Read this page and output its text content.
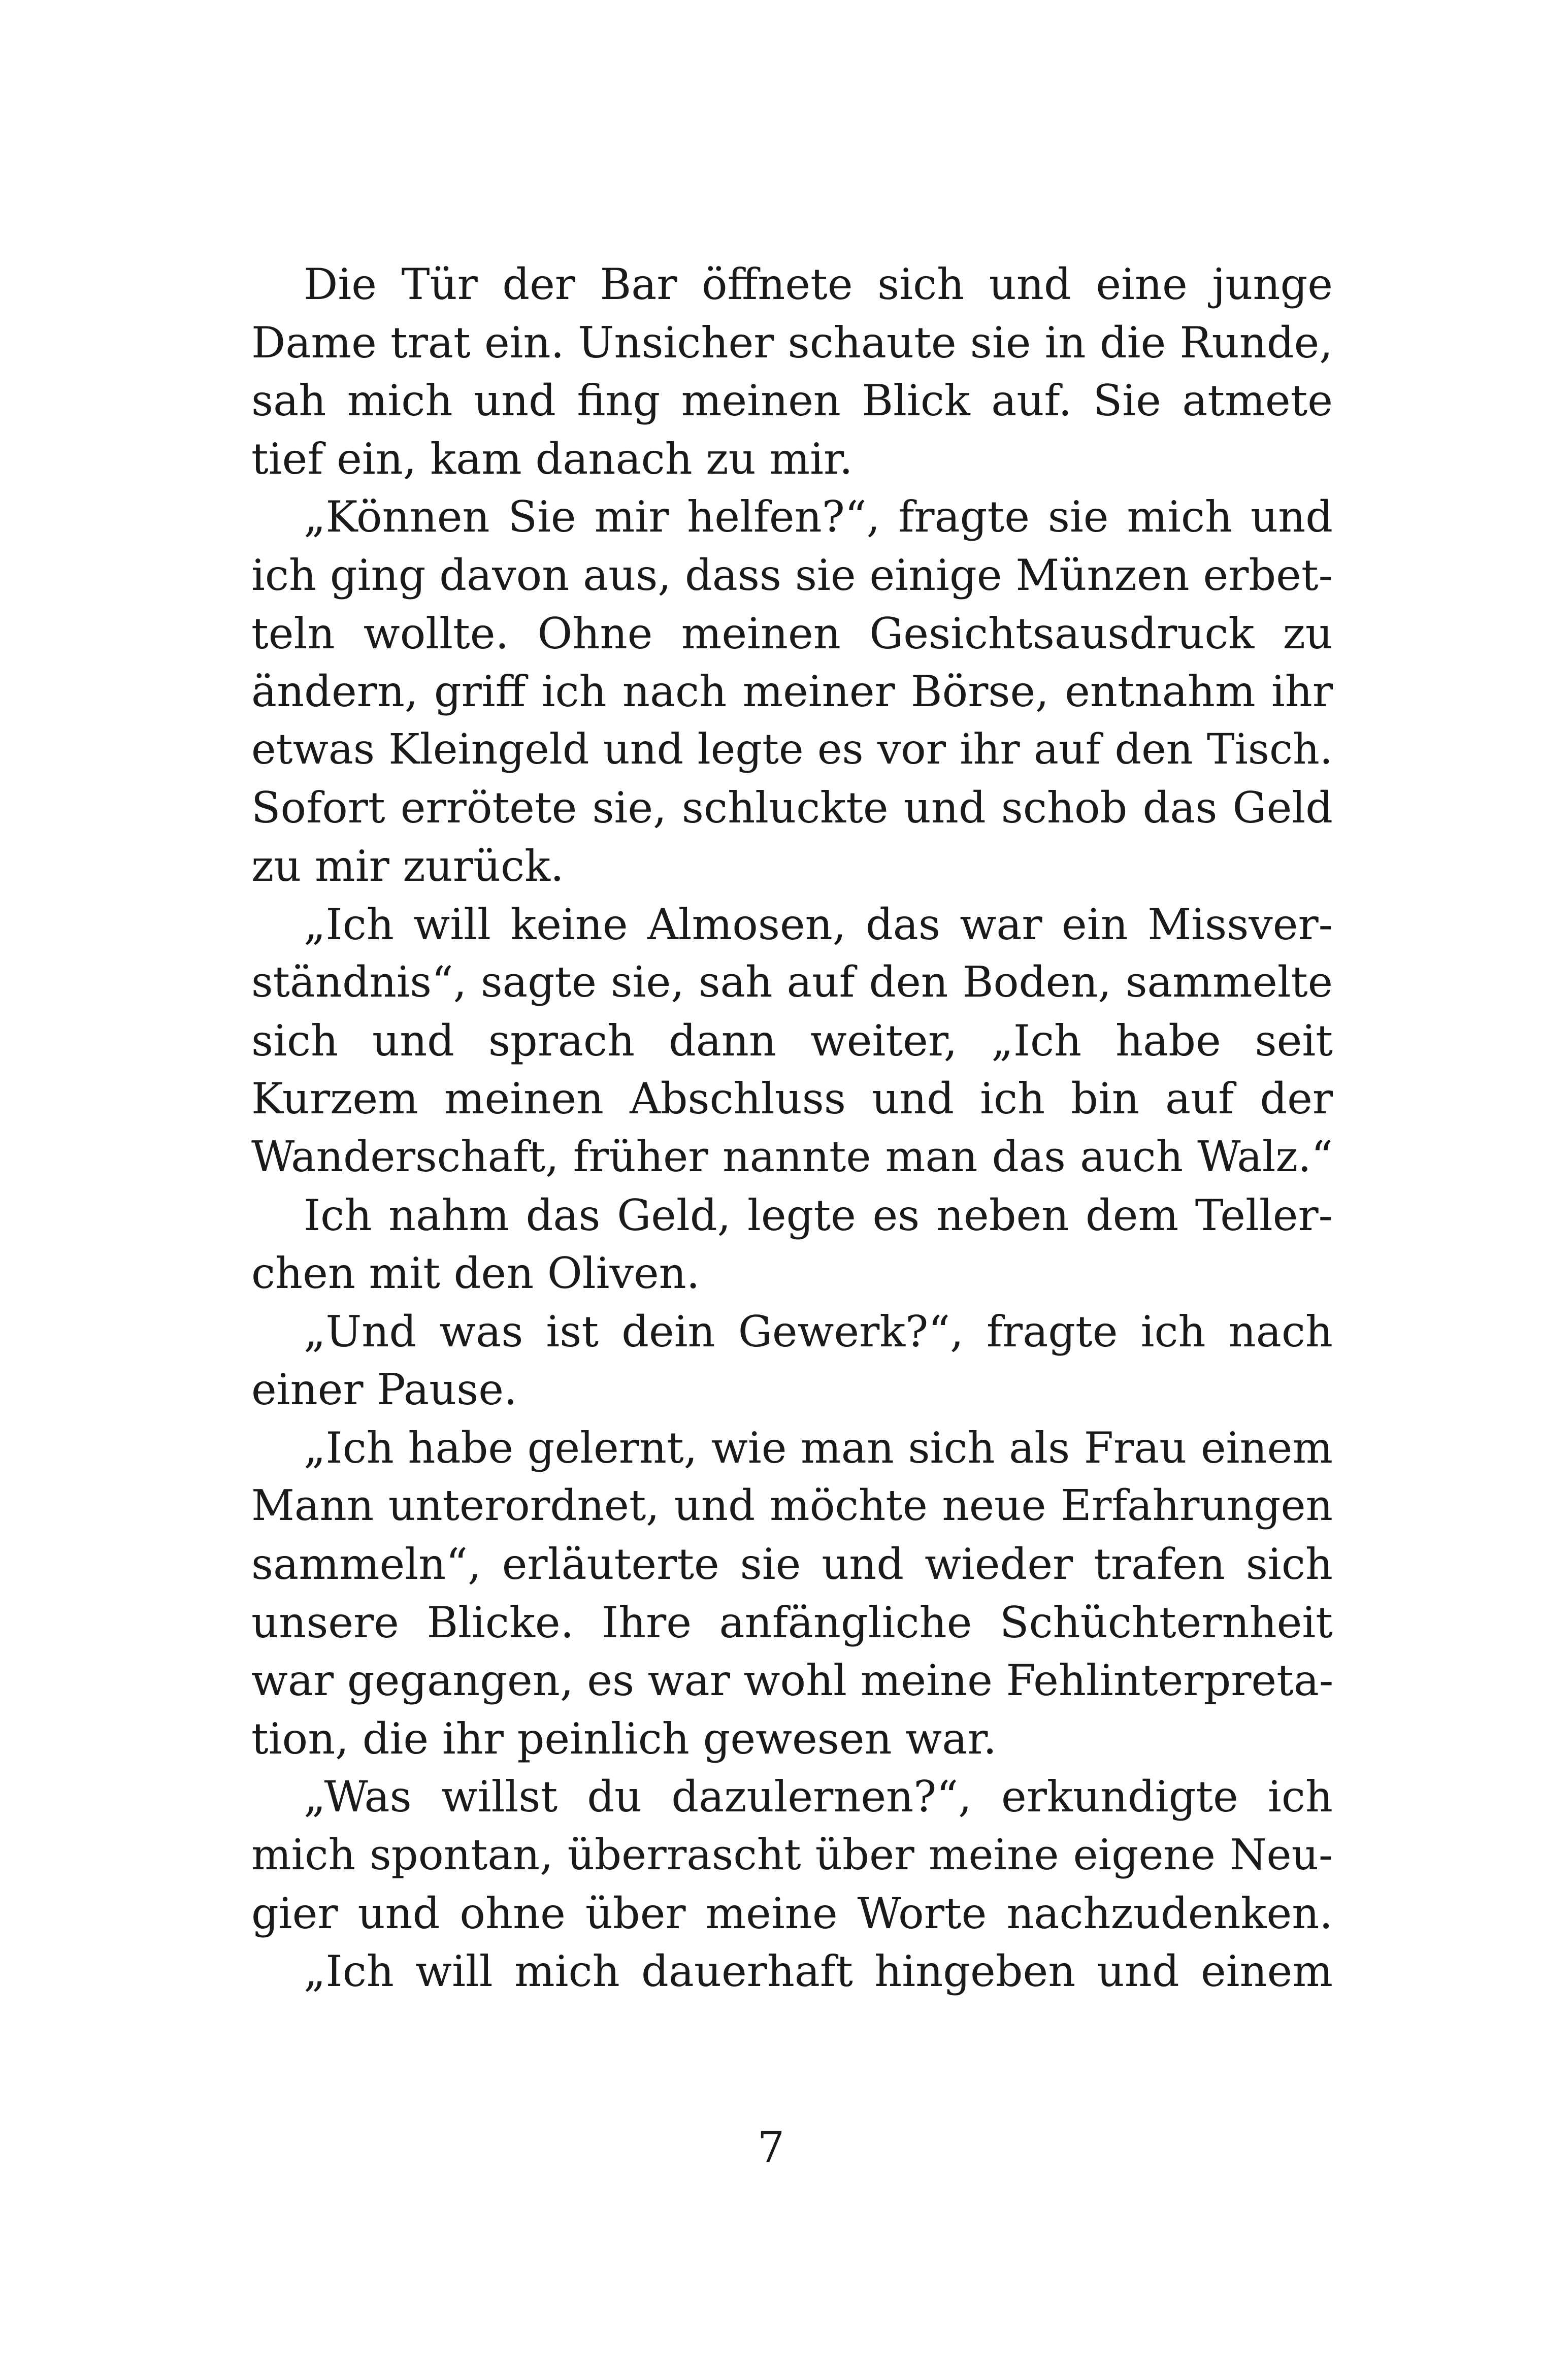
Die Tür der Bar öffnete sich und eine junge
Dame trat ein. Unsicher schaute sie in die Runde,
sah mich und fing meinen Blick auf. Sie atmete
tief ein, kam danach zu mir.
„Können Sie mir helfen?“, fragte sie mich und
ich ging davon aus, dass sie einige Münzen erbet-
teln wollte. Ohne meinen Gesichtsausdruck zu
ändern, griff ich nach meiner Börse, entnahm ihr
etwas Kleingeld und legte es vor ihr auf den Tisch.
Sofort errötete sie, schluckte und schob das Geld
zu mir zurück.
„Ich will keine Almosen, das war ein Missver-
ständnis“, sagte sie, sah auf den Boden, sammelte
sich und sprach dann weiter, „Ich habe seit
Kurzem meinen Abschluss und ich bin auf der
Wanderschaft, früher nannte man das auch Walz.“
Ich nahm das Geld, legte es neben dem Teller-
chen mit den Oliven.
„Und was ist dein Gewerk?“, fragte ich nach
einer Pause.
„Ich habe gelernt, wie man sich als Frau einem
Mann unterordnet, und möchte neue Erfahrungen
sammeln“, erläuterte sie und wieder trafen sich
unsere Blicke. Ihre anfängliche Schüchternheit
war gegangen, es war wohl meine Fehlinterpreta-
tion, die ihr peinlich gewesen war.
„Was willst du dazulernen?“, erkundigte ich
mich spontan, überrascht über meine eigene Neu-
gier und ohne über meine Worte nachzudenken.
„Ich will mich dauerhaft hingeben und einem
7
